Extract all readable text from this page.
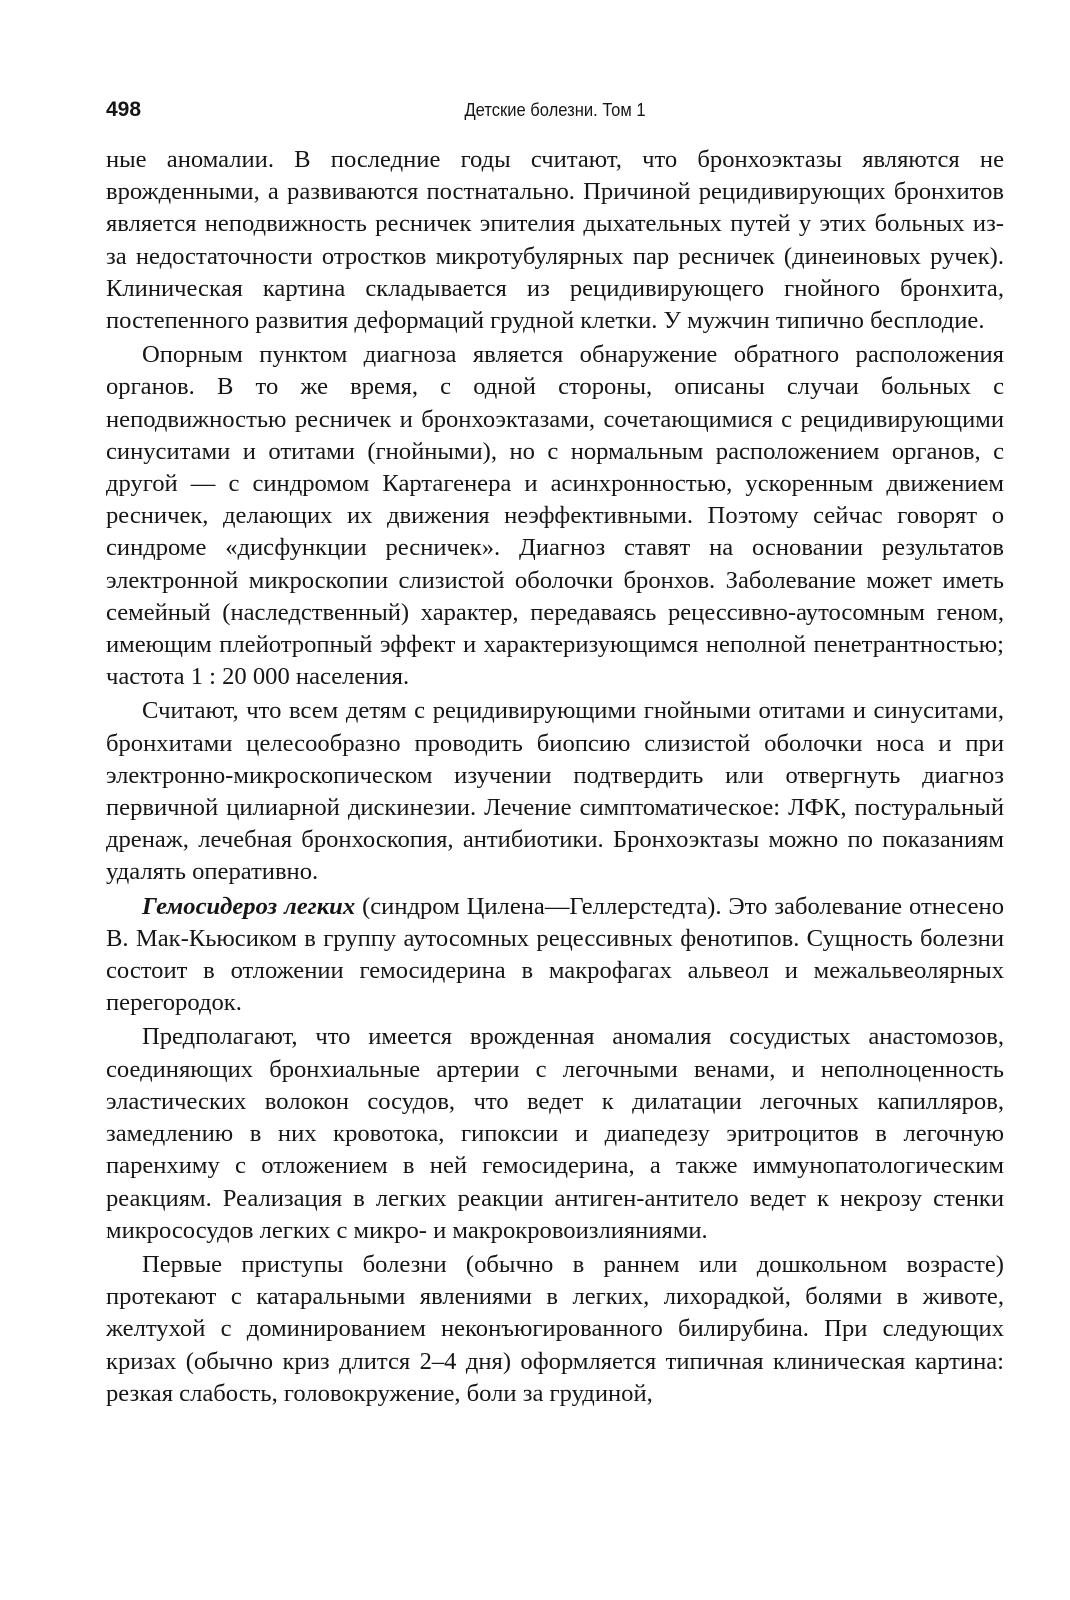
498	Детские болезни. Том 1

ные аномалии. В последние годы считают, что бронхоэктазы являются не врожденными, а развиваются постнатально. Причиной рецидивирующих бронхитов является неподвижность ресничек эпителия дыхательных путей у этих больных из-за недостаточности отростков микротубулярных пар ресничек (динеиновых ручек). Клиническая картина складывается из рецидивирующего гнойного бронхита, постепенного развития деформаций грудной клетки. У мужчин типично бесплодие.

Опорным пунктом диагноза является обнаружение обратного расположения органов. В то же время, с одной стороны, описаны случаи больных с неподвижностью ресничек и бронхоэктазами, сочетающимися с рецидивирующими синуситами и отитами (гнойными), но с нормальным расположением органов, с другой — с синдромом Картагенера и асинхронностью, ускоренным движением ресничек, делающих их движения неэффективными. Поэтому сейчас говорят о синдроме «дисфункции ресничек». Диагноз ставят на основании результатов электронной микроскопии слизистой оболочки бронхов. Заболевание может иметь семейный (наследственный) характер, передаваясь рецессивно-аутосомным геном, имеющим плейотропный эффект и характеризующимся неполной пенетрантностью; частота 1 : 20 000 населения.

Считают, что всем детям с рецидивирующими гнойными отитами и синуситами, бронхитами целесообразно проводить биопсию слизистой оболочки носа и при электронно-микроскопическом изучении подтвердить или отвергнуть диагноз первичной цилиарной дискинезии. Лечение симптоматическое: ЛФК, постуральный дренаж, лечебная бронхоскопия, антибиотики. Бронхоэктазы можно по показаниям удалять оперативно.

Гемосидероз легких (синдром Цилена—Геллерстедта). Это заболевание отнесено В. Мак-Кьюсиком в группу аутосомных рецессивных фенотипов. Сущность болезни состоит в отложении гемосидерина в макрофагах альвеол и межальвеолярных перегородок.

Предполагают, что имеется врожденная аномалия сосудистых анастомозов, соединяющих бронхиальные артерии с легочными венами, и неполноценность эластических волокон сосудов, что ведет к дилатации легочных капилляров, замедлению в них кровотока, гипоксии и диапедезу эритроцитов в легочную паренхиму с отложением в ней гемосидерина, а также иммунопатологическим реакциям. Реализация в легких реакции антиген-антитело ведет к некрозу стенки микрососудов легких с микро- и макрокровоизлияниями.

Первые приступы болезни (обычно в раннем или дошкольном возрасте) протекают с катаральными явлениями в легких, лихорадкой, болями в животе, желтухой с доминированием неконъюгированного билирубина. При следующих кризах (обычно криз длится 2–4 дня) оформляется типичная клиническая картина: резкая слабость, головокружение, боли за грудиной,
